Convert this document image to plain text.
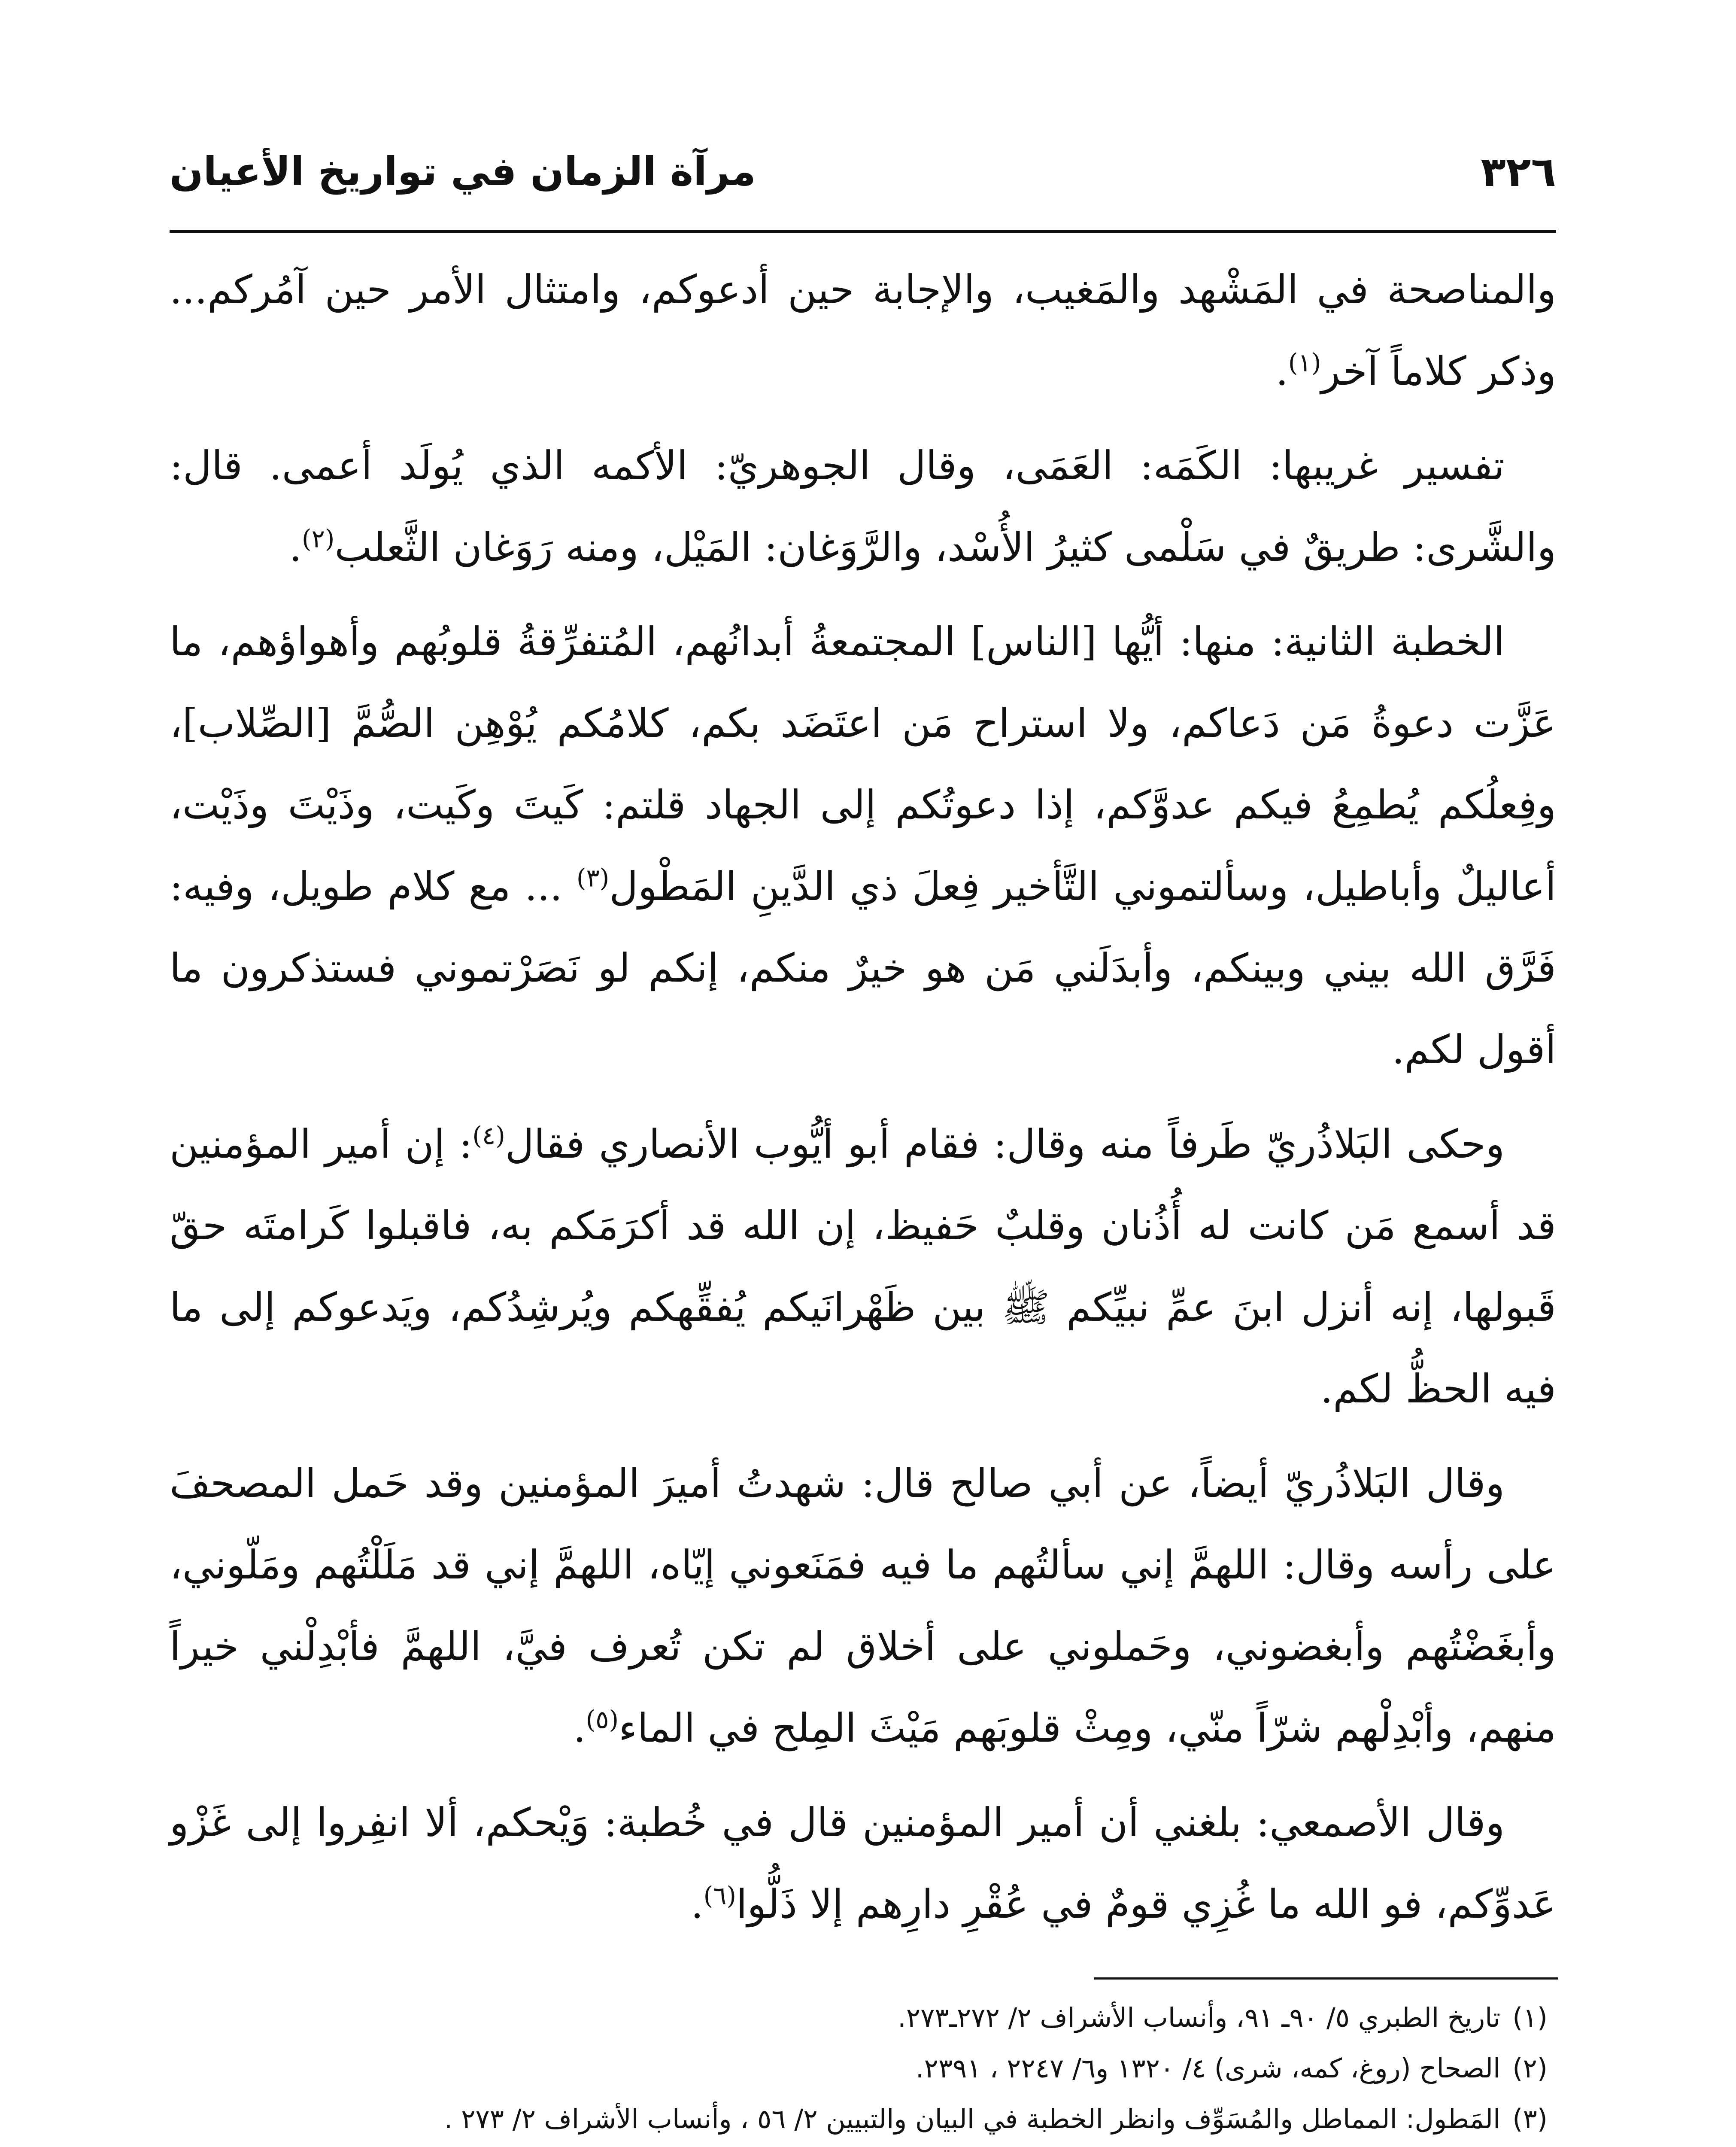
٣٢٦
مرآة الزمان في تواريخ الأعيان

والمناصحة في المَشْهد والمَغيب، والإجابة حين أدعوكم، وامتثال الأمر حين آمُركم... وذكر كلاماً آخر$^{(١)}$.

تفسير غريبها: الكَمَه: العَمَى، وقال الجوهريّ: الأكمه الذي يُولَد أعمى. قال: والشَّرى: طريقٌ في سَلْمى كثيرُ الأُسْد، والرَّوَغان: المَيْل، ومنه رَوَغان الثَّعلب$^{(٢)}$.

الخطبة الثانية: منها: أيُّها [الناس] المجتمعةُ أبدانُهم، المُتفرِّقةُ قلوبُهم وأهواؤهم، ما عَزَّت دعوةُ مَن دَعاكم، ولا استراح مَن اعتَضَد بكم، كلامُكم يُوْهِن الصُّمَّ [الصِّلاب]، وفِعلُكم يُطمِعُ فيكم عدوَّكم، إذا دعوتُكم إلى الجهاد قلتم: كَيتَ وكَيت، وذَيْتَ وذَيْت، أعاليلٌ وأباطيل، وسألتموني التَّأخير فِعلَ ذي الدَّينِ المَطْول$^{(٣)}$ ... مع كلام طويل، وفيه: فَرَّق الله بيني وبينكم، وأبدَلَني مَن هو خيرٌ منكم، إنكم لو نَصَرْتموني فستذكرون ما أقول لكم.

وحكى البَلاذُريّ طَرفاً منه وقال: فقام أبو أيُّوب الأنصاري فقال$^{(٤)}$: إن أمير المؤمنين قد أسمع مَن كانت له أُذُنان وقلبٌ حَفيظ، إن الله قد أكرَمَكم به، فاقبلوا كَرامتَه حقّ قَبولها، إنه أنزل ابنَ عمِّ نبيِّكم ﷺ بين ظَهْرانَيكم يُفقِّهكم ويُرشِدُكم، ويَدعوكم إلى ما فيه الحظُّ لكم.

وقال البَلاذُريّ أيضاً، عن أبي صالح قال: شهدتُ أميرَ المؤمنين وقد حَمل المصحفَ على رأسه وقال: اللهمَّ إني سألتُهم ما فيه فمَنَعوني إيّاه، اللهمَّ إني قد مَلَلْتُهم ومَلّوني، وأبغَضْتُهم وأبغضوني، وحَملوني على أخلاق لم تكن تُعرف فيَّ، اللهمَّ فأبْدِلْني خيراً منهم، وأبْدِلْهم شرّاً منّي، ومِثْ قلوبَهم مَيْثَ المِلح في الماء$^{(٥)}$.

وقال الأصمعي: بلغني أن أمير المؤمنين قال في خُطبة: وَيْحكم، ألا انفِروا إلى غَزْو عَدوِّكم، فو الله ما غُزِي قومٌ في عُقْرِ دارِهم إلا ذَلُّوا$^{(٦)}$.

(١)تاريخ الطبري ٥/ ٩٠ـ ٩١، وأنساب الأشراف ٢/ ٢٧٢ـ٢٧٣.

(٢)الصحاح (روغ، كمه، شرى) ٤/ ١٣٢٠ و٦/ ٢٢٤٧ ، ٢٣٩١.

(٣)المَطول: المماطل والمُسَوِّف وانظر الخطبة في البيان والتبيين ٢/ ٥٦ ، وأنساب الأشراف ٢/ ٢٧٣ .
